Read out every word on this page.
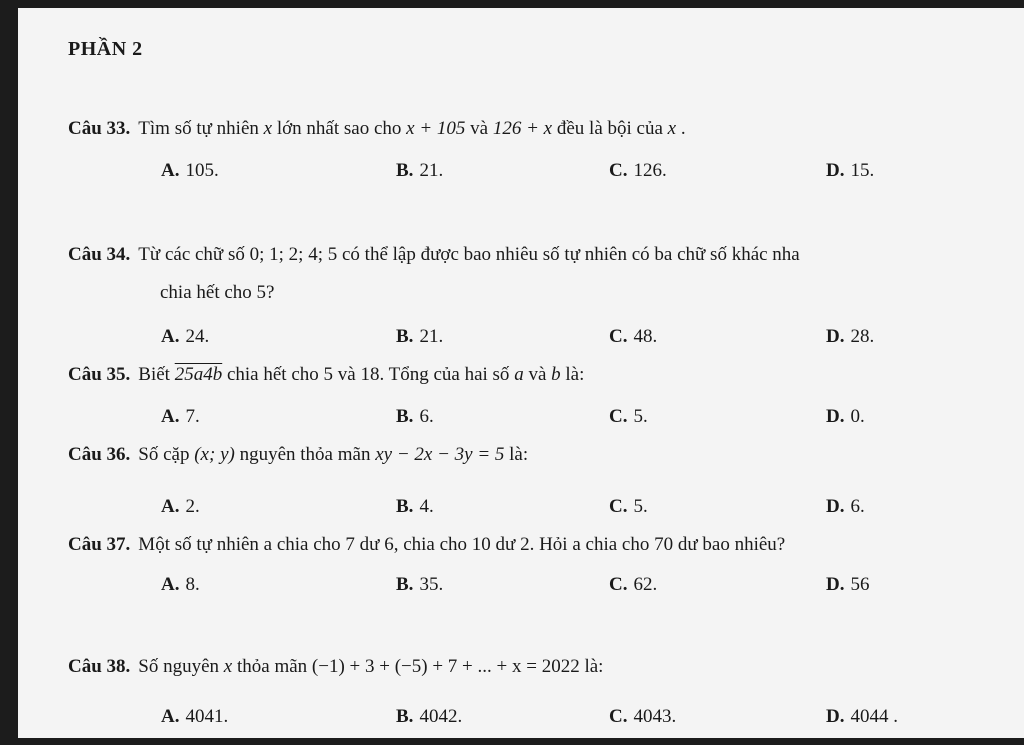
PHẦN 2
Câu 33. Tìm số tự nhiên x lớn nhất sao cho x + 105 và 126 + x đều là bội của x .
A. 105.	B. 21.	C. 126.	D. 15.
Câu 34. Từ các chữ số 0; 1; 2; 4; 5 có thể lập được bao nhiêu số tự nhiên có ba chữ số khác nha
chia hết cho 5?
A. 24.	B. 21.	C. 48.	D. 28.
Câu 35. Biết 25a4b chia hết cho 5 và 18. Tổng của hai số a và b là:
A. 7.	B. 6.	C. 5.	D. 0.
Câu 36. Số cặp (x; y) nguyên thỏa mãn xy − 2x − 3y = 5 là:
A. 2.	B. 4.	C. 5.	D. 6.
Câu 37. Một số tự nhiên a chia cho 7 dư 6, chia cho 10 dư 2. Hỏi a chia cho 70 dư bao nhiêu?
A. 8.	B. 35.	C. 62.	D. 56
Câu 38. Số nguyên x thỏa mãn (−1) + 3 + (−5) + 7 + ... + x = 2022 là:
A. 4041.	B. 4042.	C. 4043.	D. 4044 .
